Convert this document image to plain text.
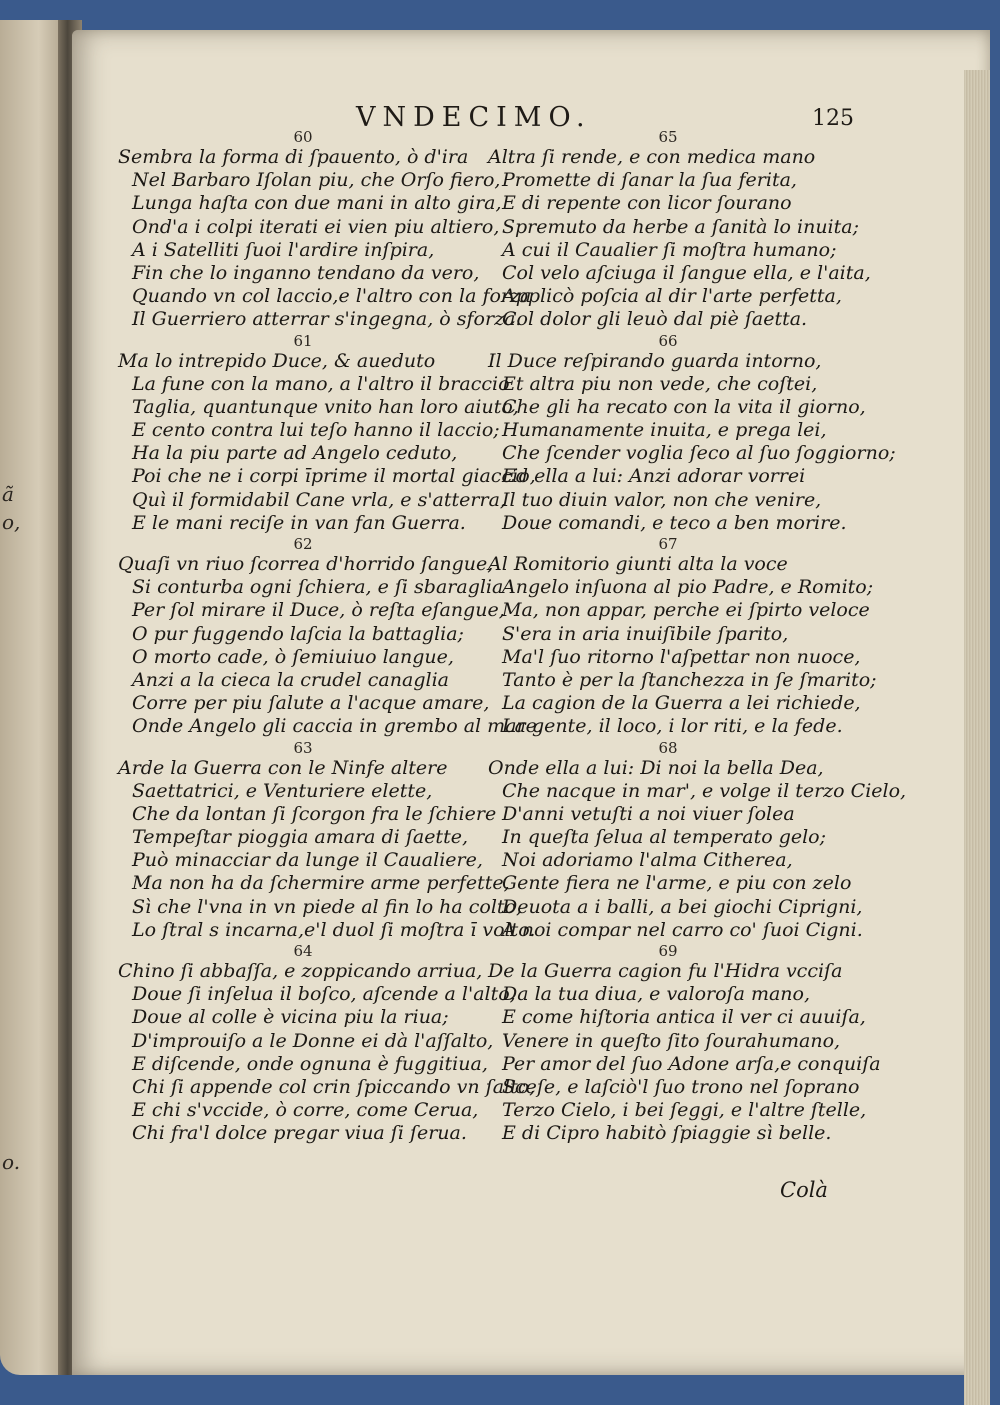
ã
o,
o.
VNDECIMO.	125
60
Sembra la forma di ſpauento, ò d'ira
Nel Barbaro Iſolan piu, che Orſo fiero,
Lunga haſta con due mani in alto gira,
Ond'a i colpi iterati ei vien piu altiero,
A i Satelliti ſuoi l'ardire inſpira,
Fin che lo inganno tendano da vero,
Quando vn col laccio,e l'altro con la forza
Il Guerriero atterrar s'ingegna, ò sforza.
61
Ma lo intrepido Duce, & aueduto
La fune con la mano, a l'altro il braccio
Taglia, quantunque vnito han loro aiuto,
E cento contra lui teſo hanno il laccio;
Ha la piu parte ad Angelo ceduto,
Poi che ne i corpi īprime il mortal giaccio,
Quì il formidabil Cane vrla, e s'atterra,
E le mani reciſe in van fan Guerra.
62
Quaſi vn riuo ſcorrea d'horrido ſangue,
Si conturba ogni ſchiera, e ſi sbaraglia
Per ſol mirare il Duce, ò reſta eſangue,
O pur fuggendo laſcia la battaglia;
O morto cade, ò ſemiuiuo langue,
Anzi a la cieca la crudel canaglia
Corre per piu ſalute a l'acque amare,
Onde Angelo gli caccia in grembo al mare.
63
Arde la Guerra con le Ninfe altere
Saettatrici, e Venturiere elette,
Che da lontan ſi ſcorgon fra le ſchiere
Tempeſtar pioggia amara di ſaette,
Può minacciar da lunge il Caualiere,
Ma non ha da ſchermire arme perfette,
Sì che l'vna in vn piede al fin lo ha colto,
Lo ſtral s incarna,e'l duol ſi moſtra ī volto.
64
Chino ſi abbaſſa, e zoppicando arriua,
Doue ſi inſelua il boſco, aſcende a l'alto,
Doue al colle è vicina piu la riua;
D'improuiſo a le Donne ei dà l'aſſalto,
E diſcende, onde ognuna è fuggitiua,
Chi ſi appende col crin ſpiccando vn ſalto,
E chi s'vccide, ò corre, come Ceruа,
Chi fra'l dolce pregar viua ſi ſerua.
65
Altra ſi rende, e con medica mano
Promette di ſanar la ſua ferita,
E di repente con licor ſourano
Spremuto da herbe a ſanità lo inuita;
A cui il Caualier ſi moſtra humano;
Col velo aſciuga il ſangue ella, e l'aita,
Applicò poſcia al dir l'arte perfetta,
Col dolor gli leuò dal piè ſaetta.
66
Il Duce reſpirando guarda intorno,
Et altra piu non vede, che coſtei,
Che gli ha recato con la vita il giorno,
Humanamente inuita, e prega lei,
Che ſcender voglia ſeco al ſuo ſoggiorno;
Ed ella a lui: Anzi adorar vorrei
Il tuo diuin valor, non che venire,
Doue comandi, e teco a ben morire.
67
Al Romitorio giunti alta la voce
Angelo inſuona al pio Padre, e Romito;
Ma, non appar, perche ei ſpirto veloce
S'era in aria inuiſibile ſparito,
Ma'l ſuo ritorno l'aſpettar non nuoce,
Tanto è per la ſtanchezza in ſe ſmarito;
La cagion de la Guerra a lei richiede,
La gente, il loco, i lor riti, e la fede.
68
Onde ella a lui: Di noi la bella Dea,
Che nacque in mar', e volge il terzo Cielo,
D'anni vetuſti a noi viuer ſolea
In queſta ſelua al temperato gelo;
Noi adoriamo l'alma Citherea,
Gente fiera ne l'arme, e piu con zelo
Deuota a i balli, a bei giochi Ciprigni,
A noi compar nel carro co' ſuoi Cigni.
69
De la Guerra cagion fu l'Hidra vcciſa
Da la tua diua, e valoroſa mano,
E come hiſtoria antica il ver ci auuiſa,
Venere in queſto ſito ſourahumano,
Per amor del ſuo Adone arſa,e conquiſa
Sceſe, e laſciò'l ſuo trono nel ſoprano
Terzo Cielo, i bei ſeggi, e l'altre ſtelle,
E di Cipro habitò ſpiaggie sì belle.
Colà
